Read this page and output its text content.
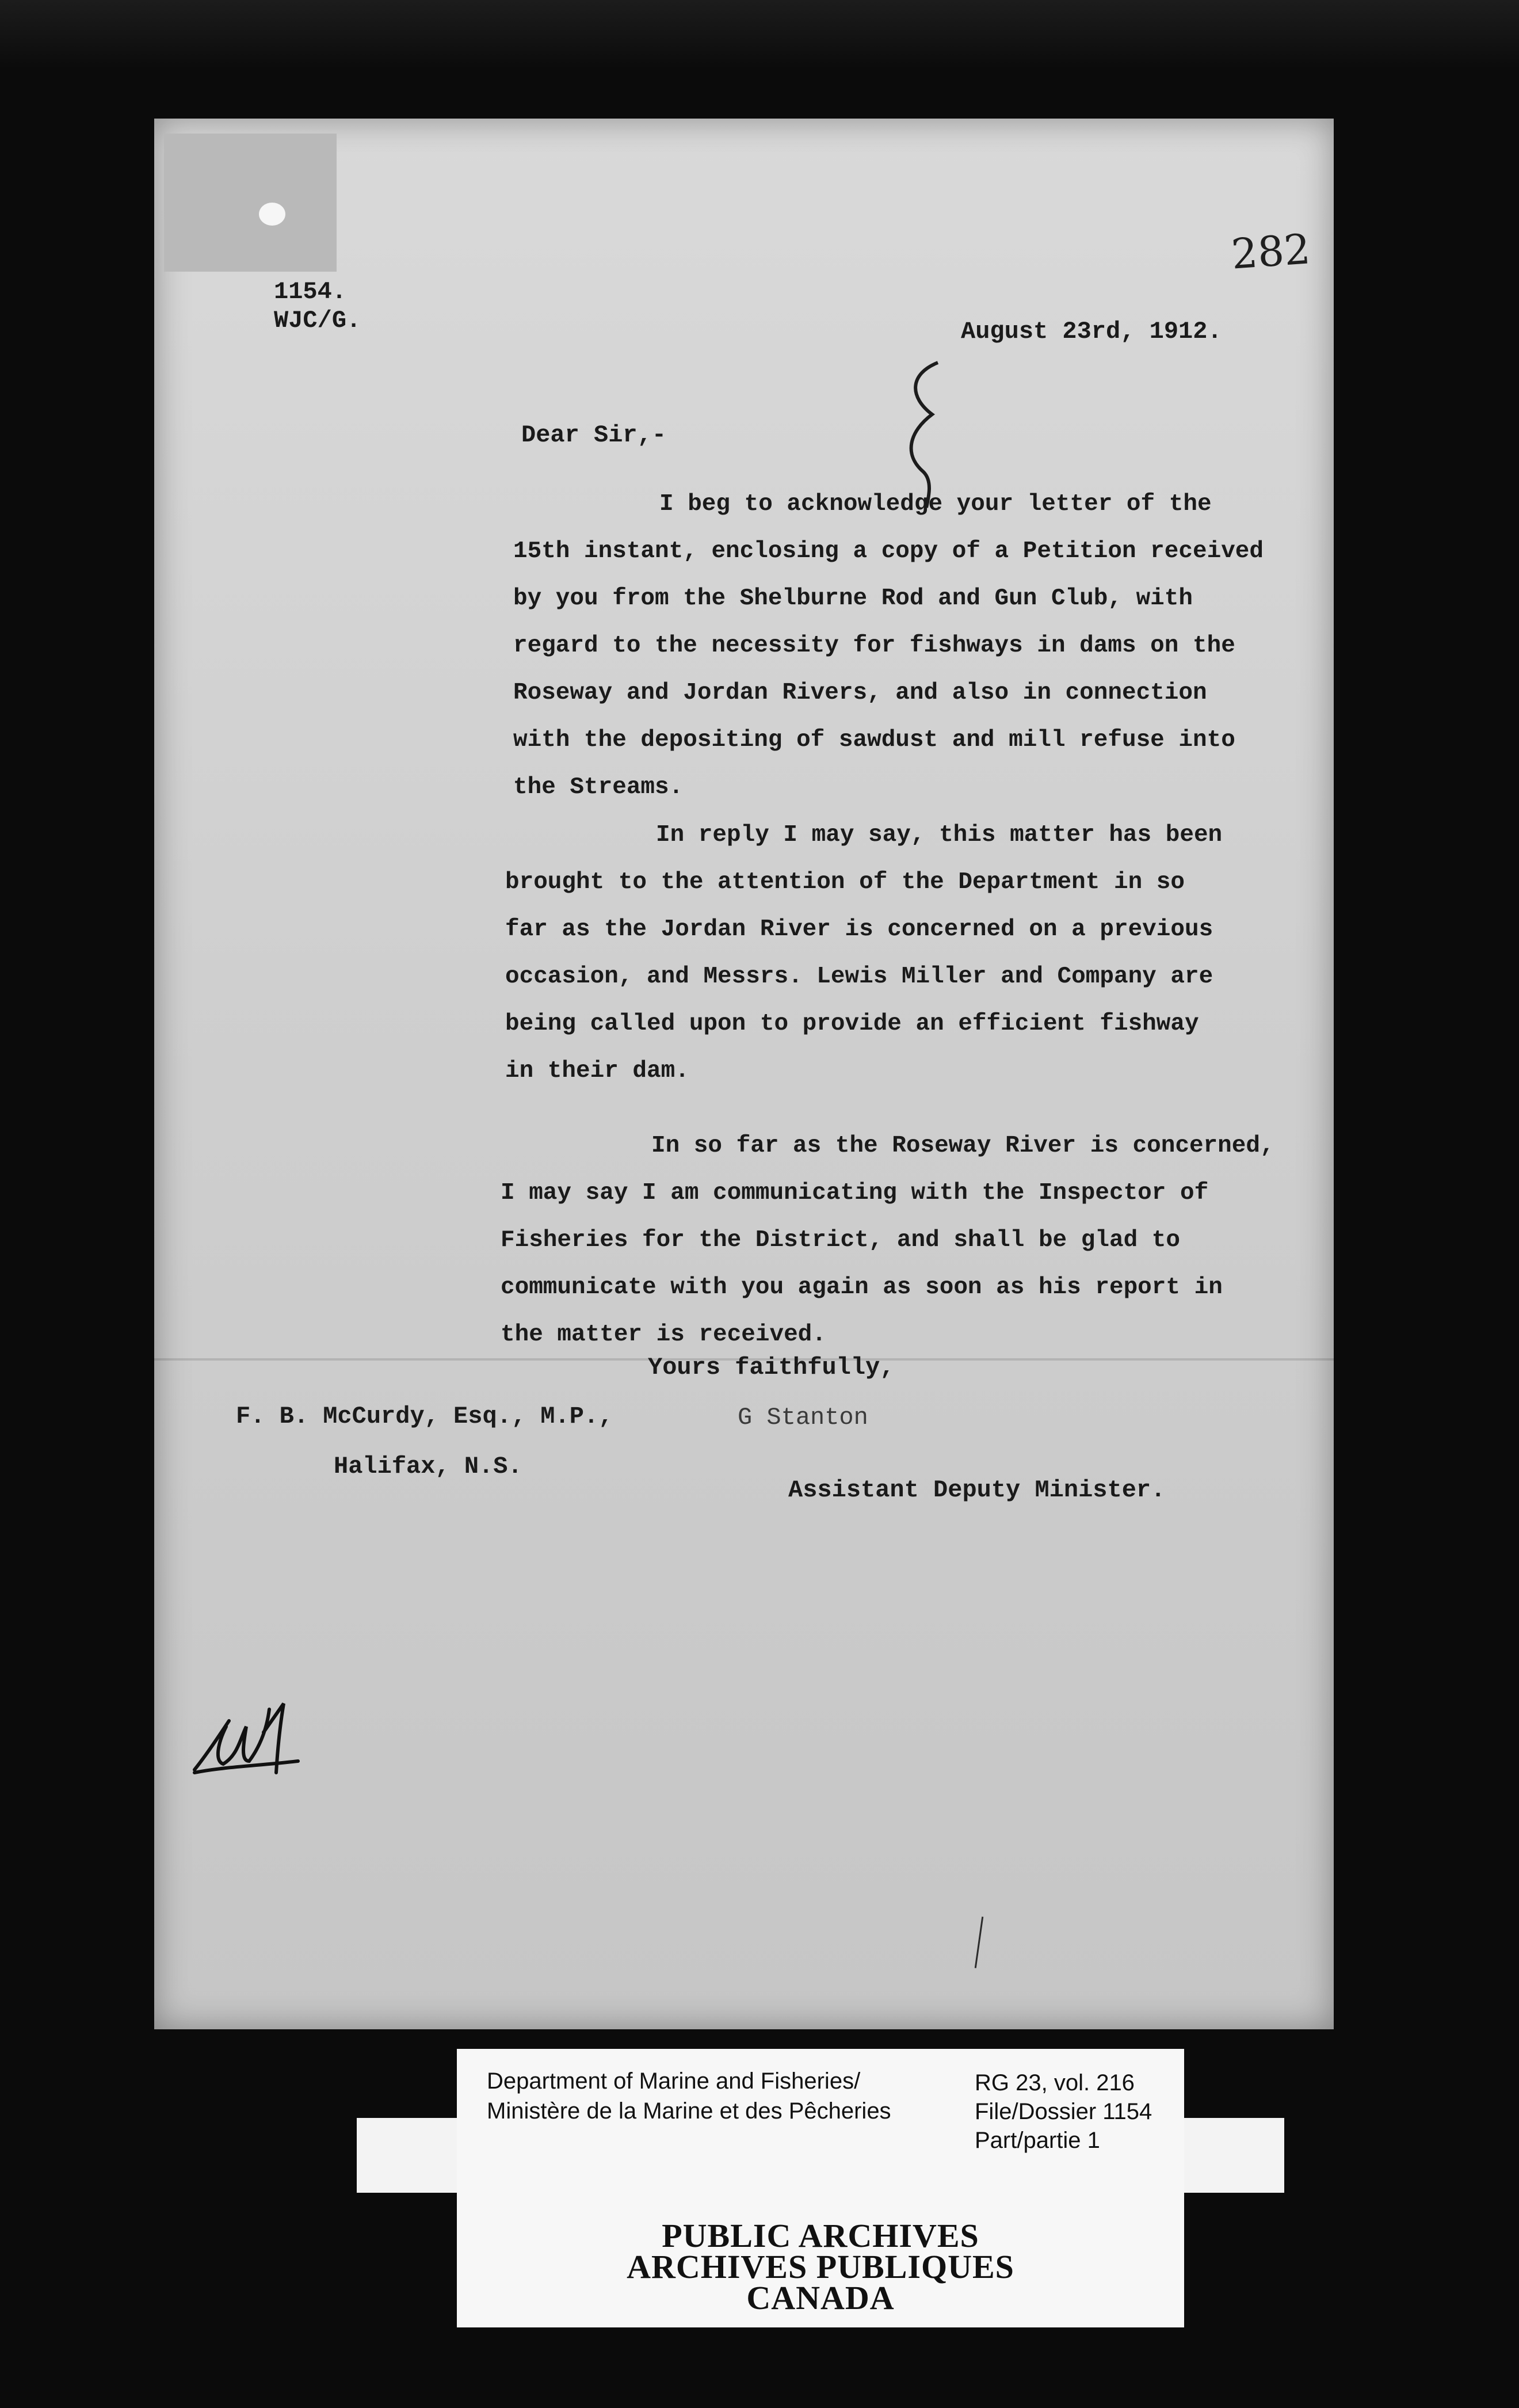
282
1154.
WJC/G.	August 23rd, 1912.
Dear Sir,-
I beg to acknowledge your letter of the
15th instant, enclosing a copy of a Petition received
by you from the Shelburne Rod and Gun Club, with
regard to the necessity for fishways in dams on the
Roseway and Jordan Rivers, and also in connection
with the depositing of sawdust and mill refuse into
the Streams.
In reply I may say, this matter has been
brought to the attention of the Department in so
far as the Jordan River is concerned on a previous
occasion, and Messrs. Lewis Miller and Company are
being called upon to provide an efficient fishway
in their dam.
In so far as the Roseway River is concerned,
I may say I am communicating with the Inspector of
Fisheries for the District, and shall be glad to
communicate with you again as soon as his report in
the matter is received.
Yours faithfully,
F. B. McCurdy, Esq., M.P.,	G Stanton
Halifax, N.S.
Assistant Deputy Minister.
Department of Marine and Fisheries/
Ministère de la Marine et des Pêcheries
RG 23, vol. 216
File/Dossier 1154
Part/partie 1
PUBLIC ARCHIVES
ARCHIVES PUBLIQUES
CANADA
